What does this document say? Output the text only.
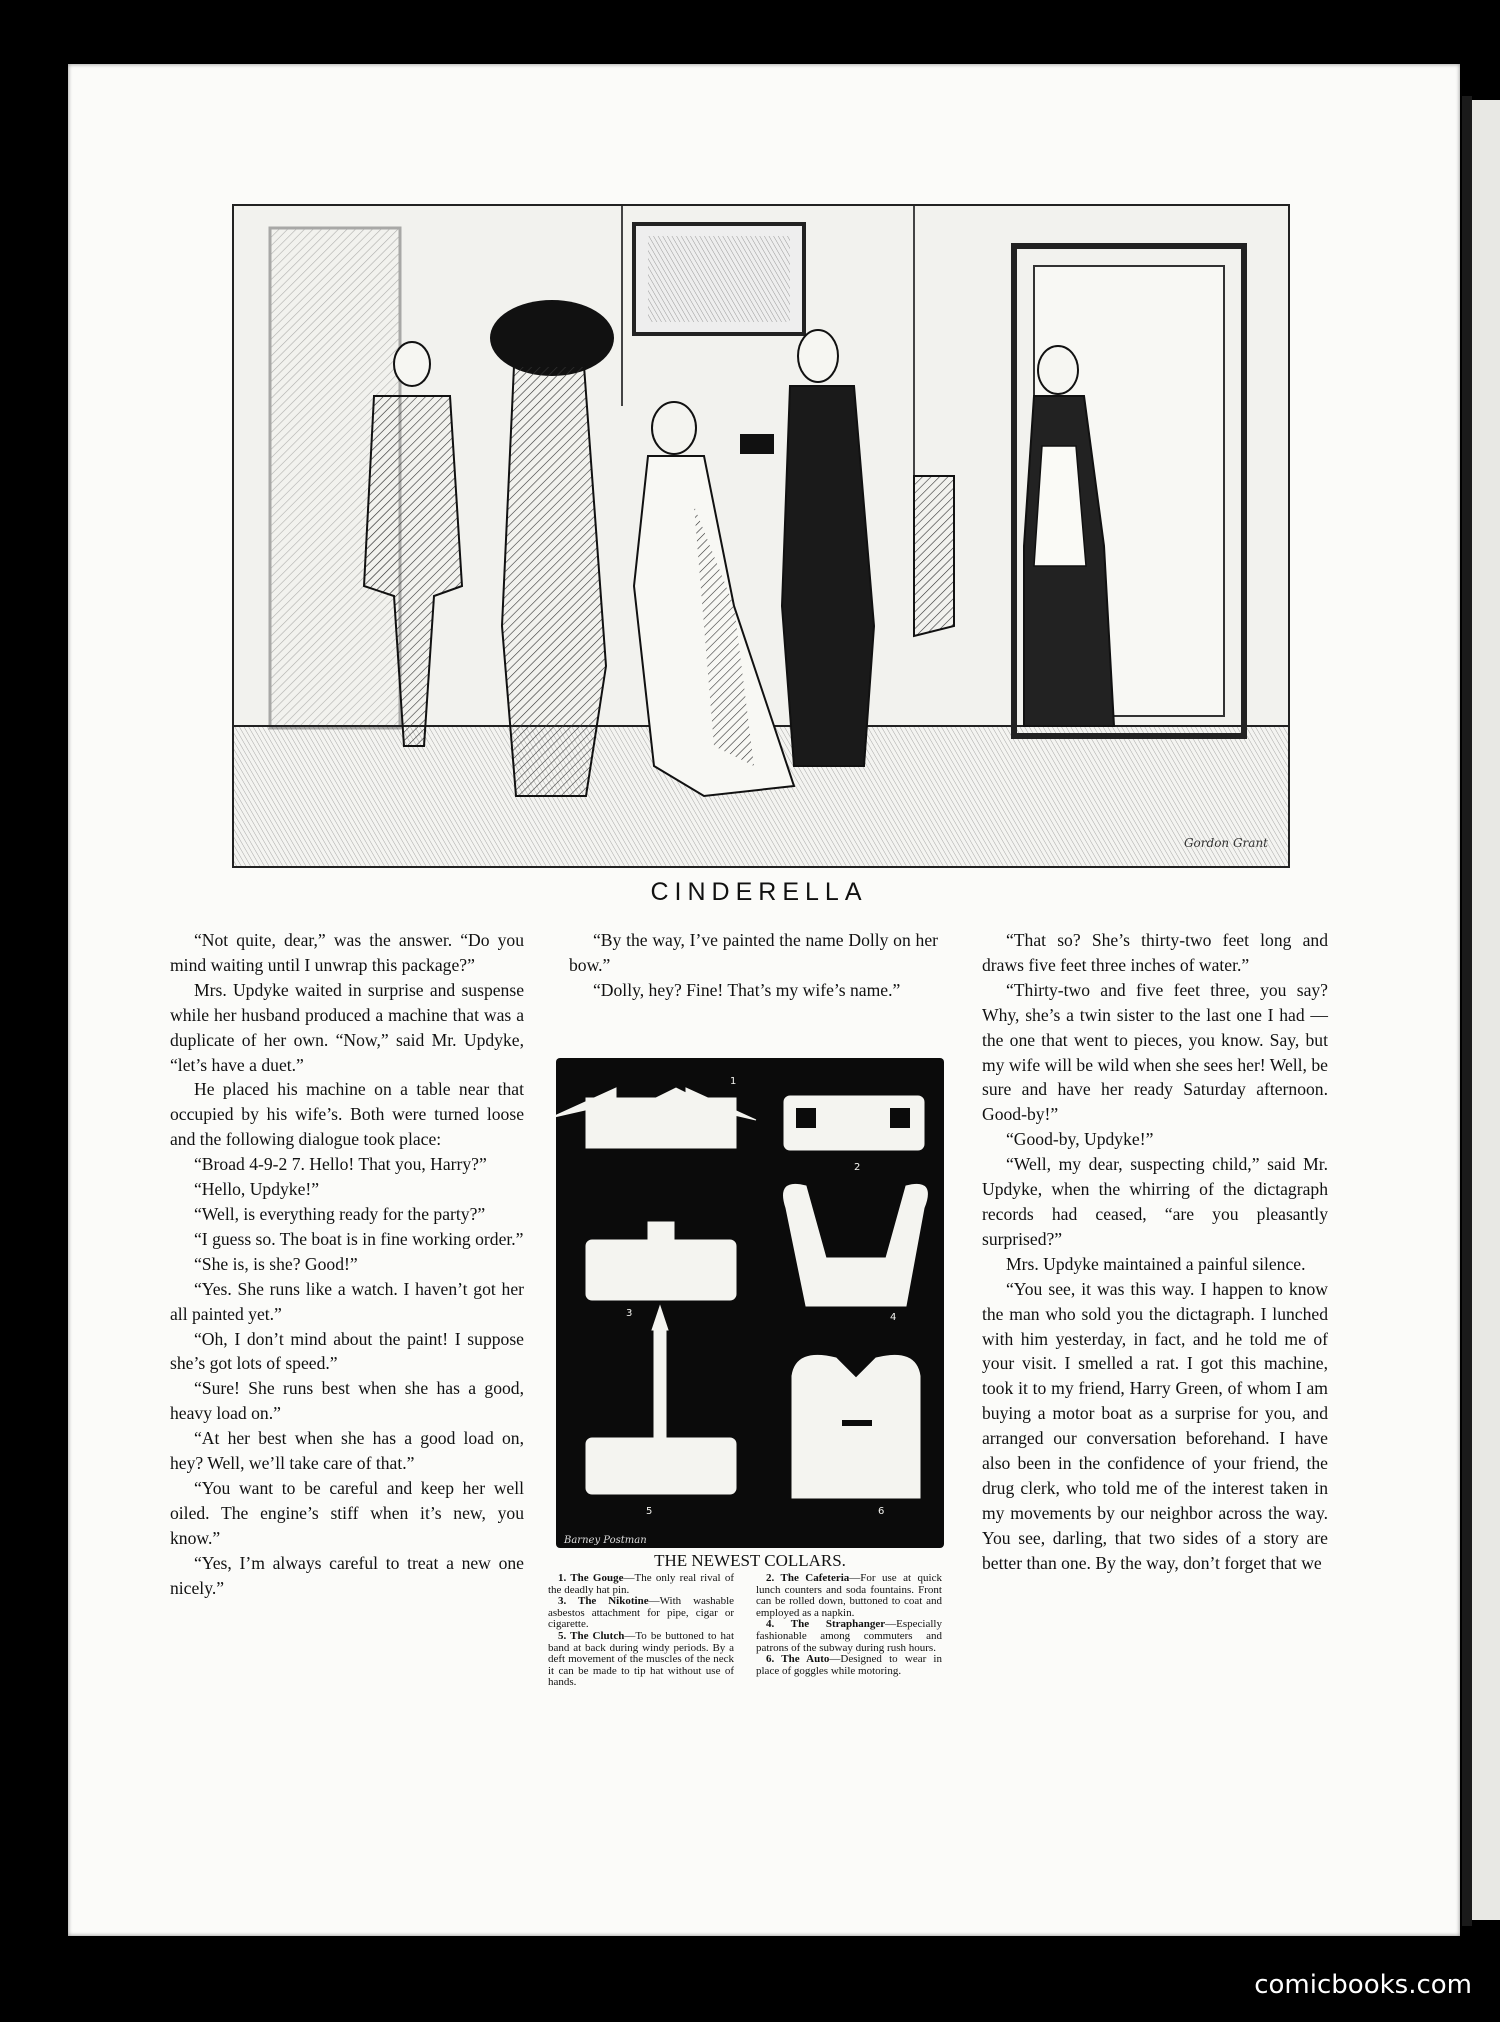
Gordon Grant
CINDERELLA

“Not quite, dear,” was the answer. “Do you mind waiting until I unwrap this package?”

Mrs. Updyke waited in surprise and suspense while her husband produced a machine that was a duplicate of her own. “Now,” said Mr. Updyke, “let’s have a duet.”

He placed his machine on a table near that occupied by his wife’s. Both were turned loose and the following dialogue took place:

“Broad 4-9-2 7. Hello! That you, Harry?”

“Hello, Updyke!”

“Well, is everything ready for the party?”

“I guess so. The boat is in fine working order.”

“She is, is she? Good!”

“Yes. She runs like a watch. I haven’t got her all painted yet.”

“Oh, I don’t mind about the paint! I suppose she’s got lots of speed.”

“Sure! She runs best when she has a good, heavy load on.”

“At her best when she has a good load on, hey? Well, we’ll take care of that.”

“You want to be careful and keep her well oiled. The engine’s stiff when it’s new, you know.”

“Yes, I’m always careful to treat a new one nicely.”

“By the way, I’ve painted the name Dolly on her bow.”

“Dolly, hey? Fine! That’s my wife’s name.”

1
2
3	4
5	6
Barney Postman
THE NEWEST COLLARS.

1. The Gouge—The only real rival of the deadly hat pin.

3. The Nikotine—With washable asbestos attachment for pipe, cigar or cigarette.

5. The Clutch—To be buttoned to hat band at back during windy periods. By a deft movement of the muscles of the neck it can be made to tip hat without use of hands.

2. The Cafeteria—For use at quick lunch counters and soda fountains. Front can be rolled down, buttoned to coat and employed as a napkin.

4. The Straphanger—Especially fashionable among commuters and patrons of the subway during rush hours.

6. The Auto—Designed to wear in place of goggles while motoring.

“That so? She’s thirty-two feet long and draws five feet three inches of water.”

“Thirty-two and five feet three, you say? Why, she’s a twin sister to the last one I had — the one that went to pieces, you know. Say, but my wife will be wild when she sees her! Well, be sure and have her ready Saturday afternoon. Good-by!”

“Good-by, Updyke!”

“Well, my dear, suspecting child,” said Mr. Updyke, when the whirring of the dictagraph records had ceased, “are you pleasantly surprised?”

Mrs. Updyke maintained a painful silence.

“You see, it was this way. I happen to know the man who sold you the dictagraph. I lunched with him yesterday, in fact, and he told me of your visit. I smelled a rat. I got this machine, took it to my friend, Harry Green, of whom I am buying a motor boat as a surprise for you, and arranged our conversation beforehand. I have also been in the confidence of your friend, the drug clerk, who told me of the interest taken in my movements by our neighbor across the way. You see, darling, that two sides of a story are better than one. By the way, don’t forget that we

comicbooks.com
